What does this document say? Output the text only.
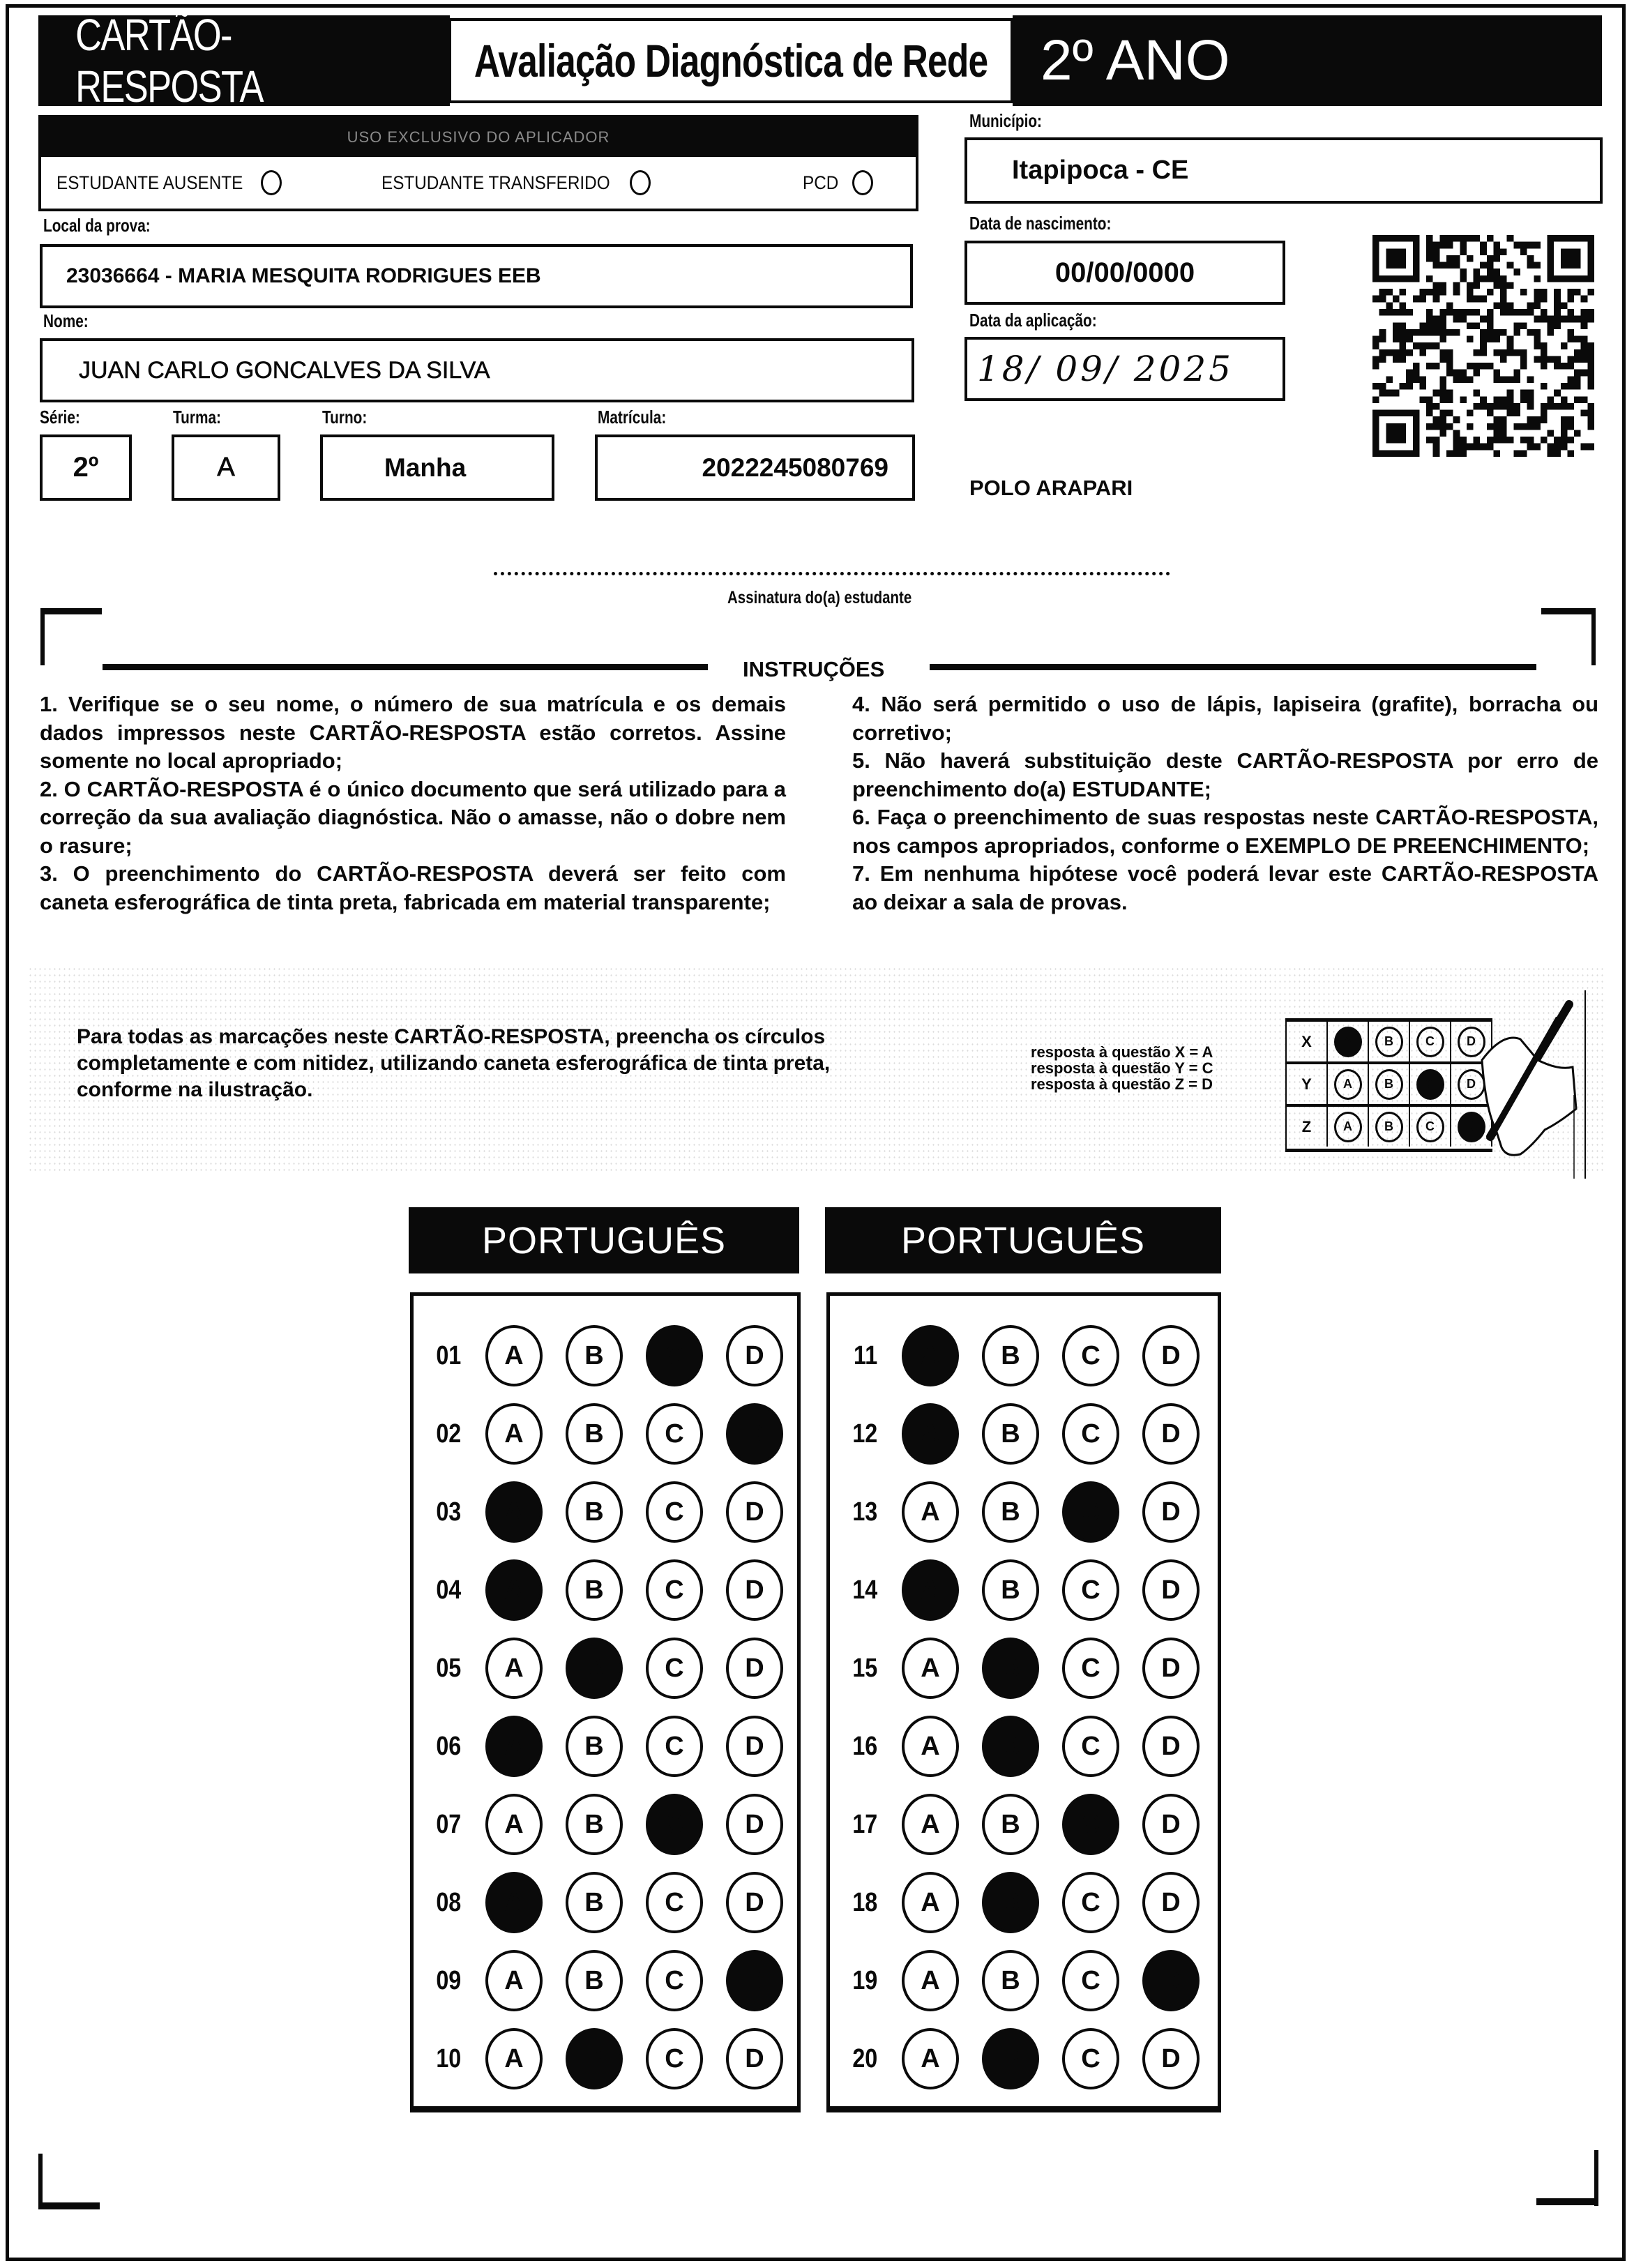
CARTÃO-RESPOSTA	Avaliação Diagnóstica de Rede 2º ANO
USO EXCLUSIVO DO APLICADOR
ESTUDANTE AUSENTE	ESTUDANTE TRANSFERIDO	PCD
Local da prova:
23036664 - MARIA MESQUITA RODRIGUES EEB
Nome:
JUAN CARLO GONCALVES DA SILVA
Série:	Turma:	Turno:	Matrícula:
2º	A	Manha	2022245080769
Município:
Itapipoca - CE
Data de nascimento:
00/00/0000
Data da aplicação:
18/ 09/ 2025
POLO ARAPARI
Assinatura do(a) estudante
INSTRUÇÕES

1. Verifique se o seu nome, o número de sua matrícula e os demais dados impressos neste CARTÃO-RESPOSTA estão corretos. Assine somente no local apropriado;

2. O CARTÃO-RESPOSTA é o único documento que será utilizado para a correção da sua avaliação diagnóstica. Não o amasse, não o dobre nem o rasure;

3. O preenchimento do CARTÃO-RESPOSTA deverá ser feito com caneta esferográfica de tinta preta, fabricada em material transparente;

4. Não será permitido o uso de lápis, lapiseira (grafite), borracha ou corretivo;

5. Não haverá substituição deste CARTÃO-RESPOSTA por erro de preenchimento do(a) ESTUDANTE;

6. Faça o preenchimento de suas respostas neste CARTÃO-RESPOSTA, nos campos apropriados, conforme o EXEMPLO DE PREENCHIMENTO;

7. Em nenhuma hipótese você poderá levar este CARTÃO-RESPOSTA ao deixar a sala de provas.

Para todas as marcações neste CARTÃO-RESPOSTA, preencha os círculos completamente e com nitidez, utilizando caneta esferográfica de tinta preta, conforme na ilustração.
resposta à questão X = A
resposta à questão Y = C
resposta à questão Z = D
X	A	B	C	D
Y	A	B	C	D
Z	A	B	C	D
PORTUGUÊS	PORTUGUÊS
01	A	B	C	D
02	A	B	C	D
03	A	B	C	D
04	A	B	C	D
05	A	B	C	D
06	A	B	C	D
07	A	B	C	D
08	A	B	C	D
09	A	B	C	D
10	A	B	C	D
11	A	B	C	D
12	A	B	C	D
13	A	B	C	D
14	A	B	C	D
15	A	B	C	D
16	A	B	C	D
17	A	B	C	D
18	A	B	C	D
19	A	B	C	D
20	A	B	C	D
